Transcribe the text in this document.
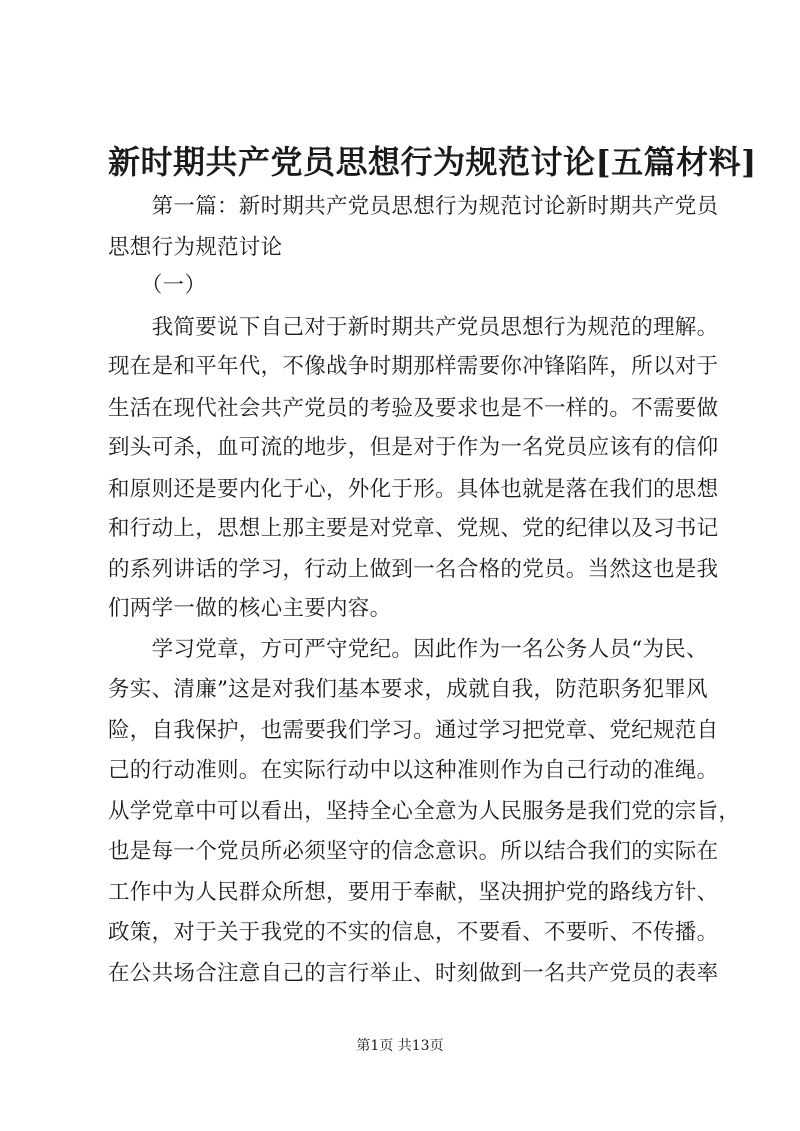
新时期共产党员思想行为规范讨论[五篇材料]
　　第一篇：新时期共产党员思想行为规范讨论新时期共产党员
思想行为规范讨论
　　（一）
　　我简要说下自己对于新时期共产党员思想行为规范的理解。
现在是和平年代，不像战争时期那样需要你冲锋陷阵，所以对于
生活在现代社会共产党员的考验及要求也是不一样的。不需要做
到头可杀，血可流的地步，但是对于作为一名党员应该有的信仰
和原则还是要内化于心，外化于形。具体也就是落在我们的思想
和行动上，思想上那主要是对党章、党规、党的纪律以及习书记
的系列讲话的学习，行动上做到一名合格的党员。当然这也是我
们两学一做的核心主要内容。
　　学习党章，方可严守党纪。因此作为一名公务人员“为民、
务实、清廉”这是对我们基本要求，成就自我，防范职务犯罪风
险，自我保护，也需要我们学习。通过学习把党章、党纪规范自
己的行动准则。在实际行动中以这种准则作为自己行动的准绳。
从学党章中可以看出，坚持全心全意为人民服务是我们党的宗旨，
也是每一个党员所必须坚守的信念意识。所以结合我们的实际在
工作中为人民群众所想，要用于奉献，坚决拥护党的路线方针、
政策，对于关于我党的不实的信息，不要看、不要听、不传播。
在公共场合注意自己的言行举止、时刻做到一名共产党员的表率
第1页 共13页
